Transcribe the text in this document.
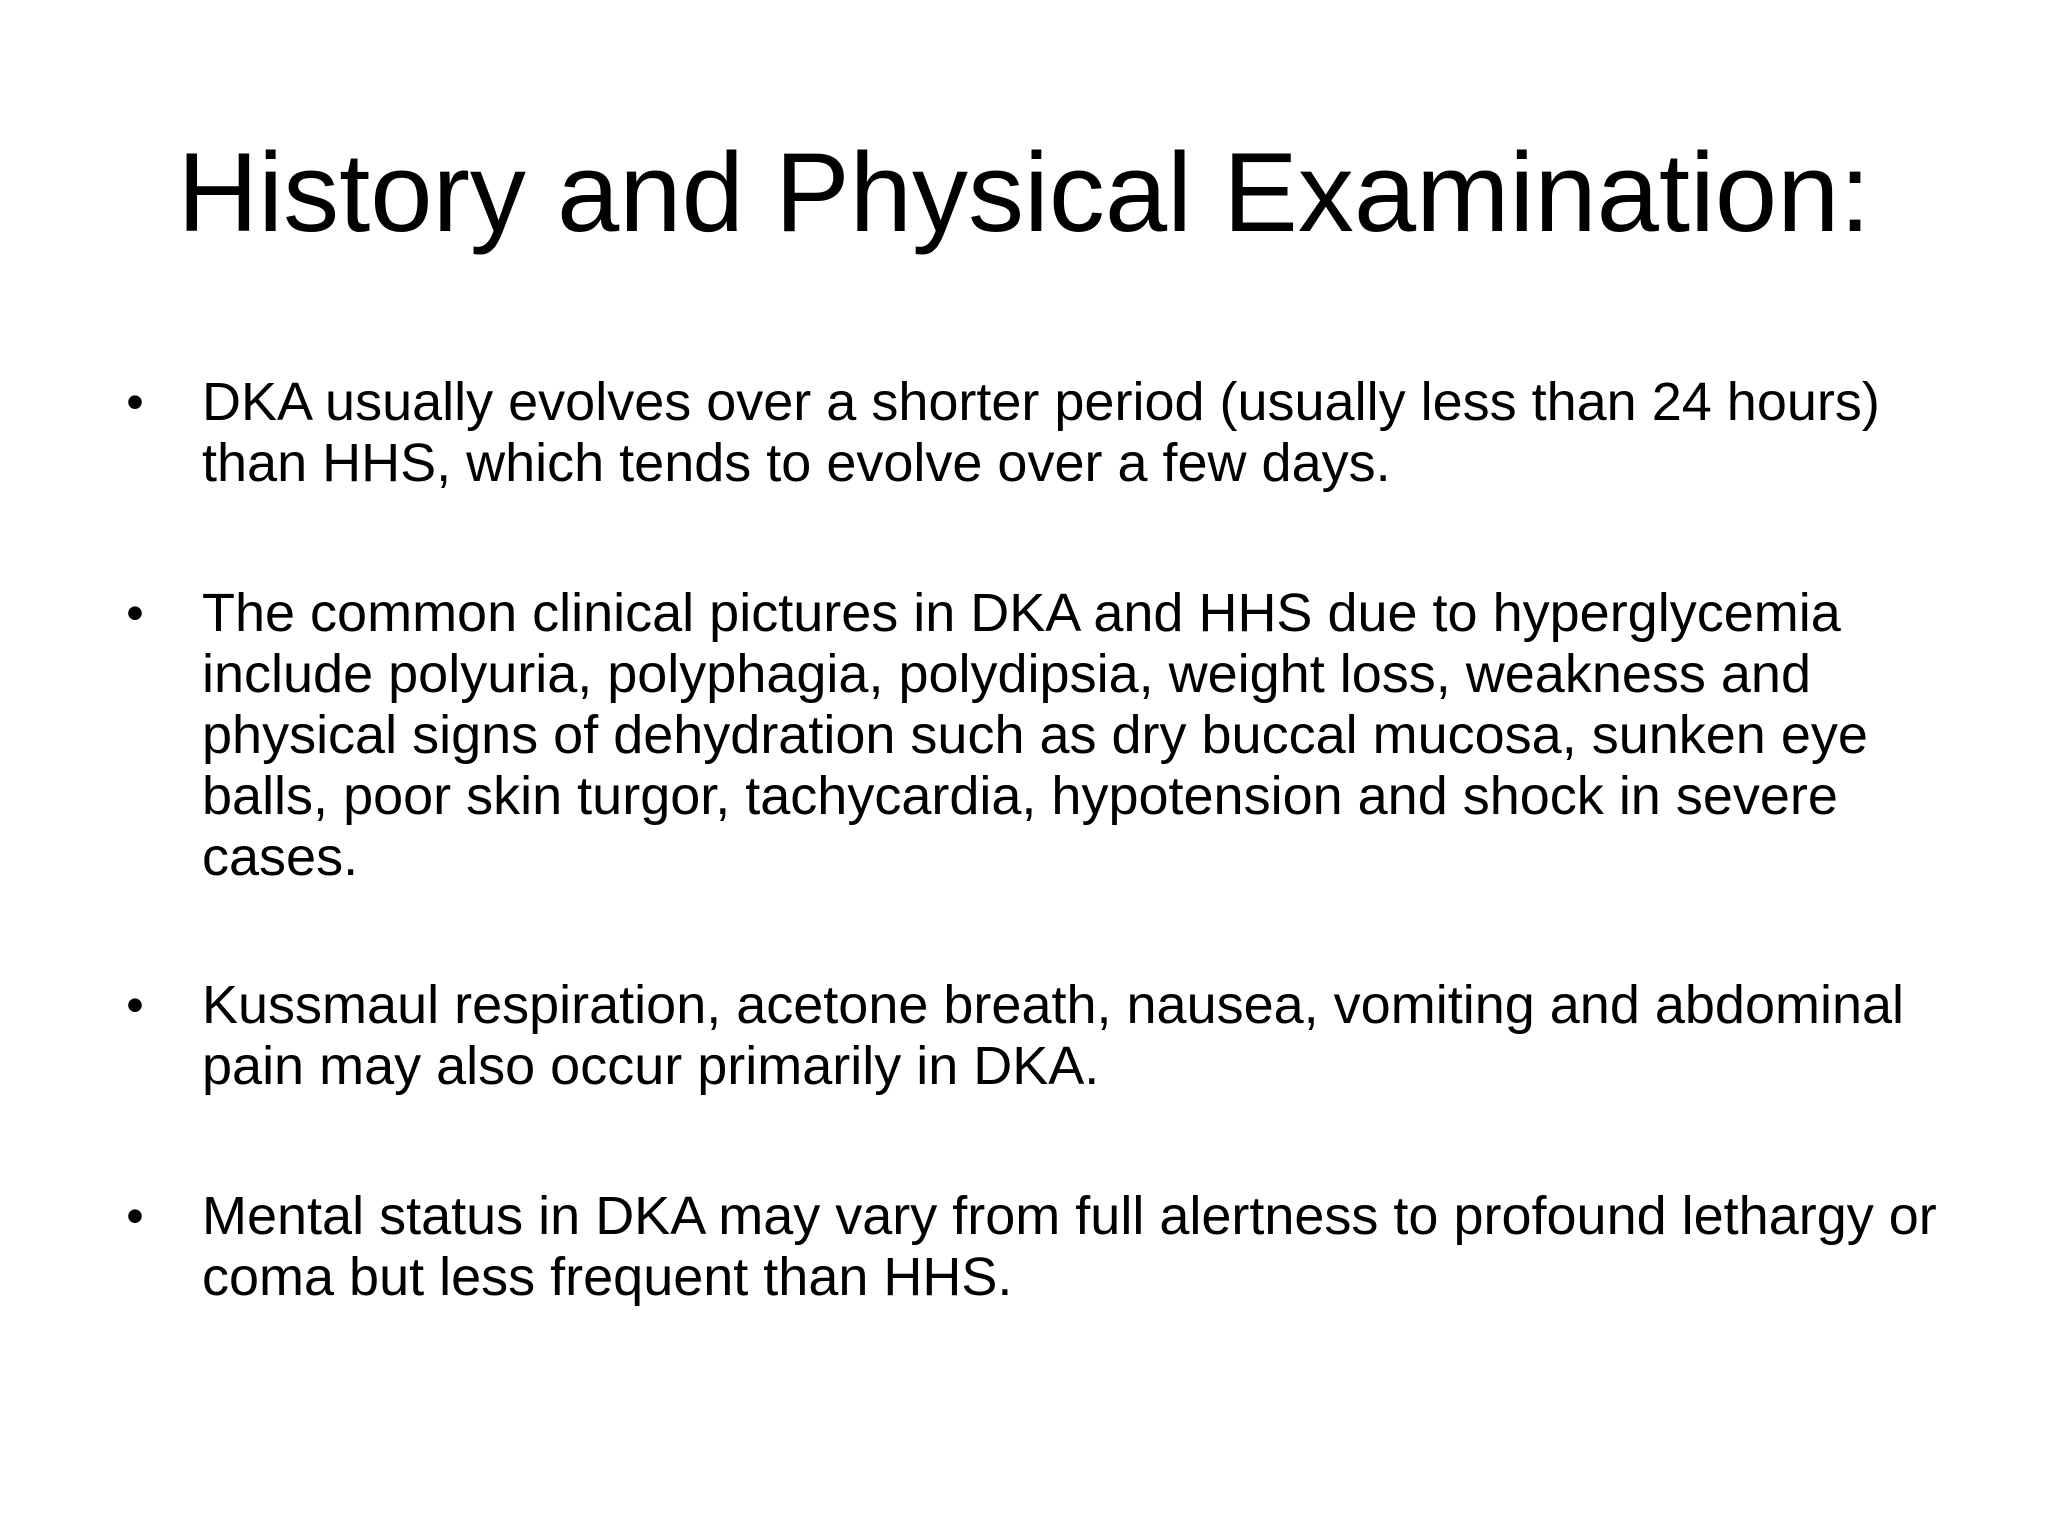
History and Physical Examination:
• DKA usually evolves over a shorter period (usually less than 24 hours) than HHS, which tends to evolve over a few days.

• The common clinical pictures in DKA and HHS due to hyperglycemia include polyuria, polyphagia, polydipsia, weight loss, weakness and physical signs of dehydration such as dry buccal mucosa, sunken eye balls, poor skin turgor, tachycardia, hypotension and shock in severe cases.

• Kussmaul respiration, acetone breath, nausea, vomiting and abdominal pain may also occur primarily in DKA.

• Mental status in DKA may vary from full alertness to profound lethargy or coma but less frequent than HHS.
